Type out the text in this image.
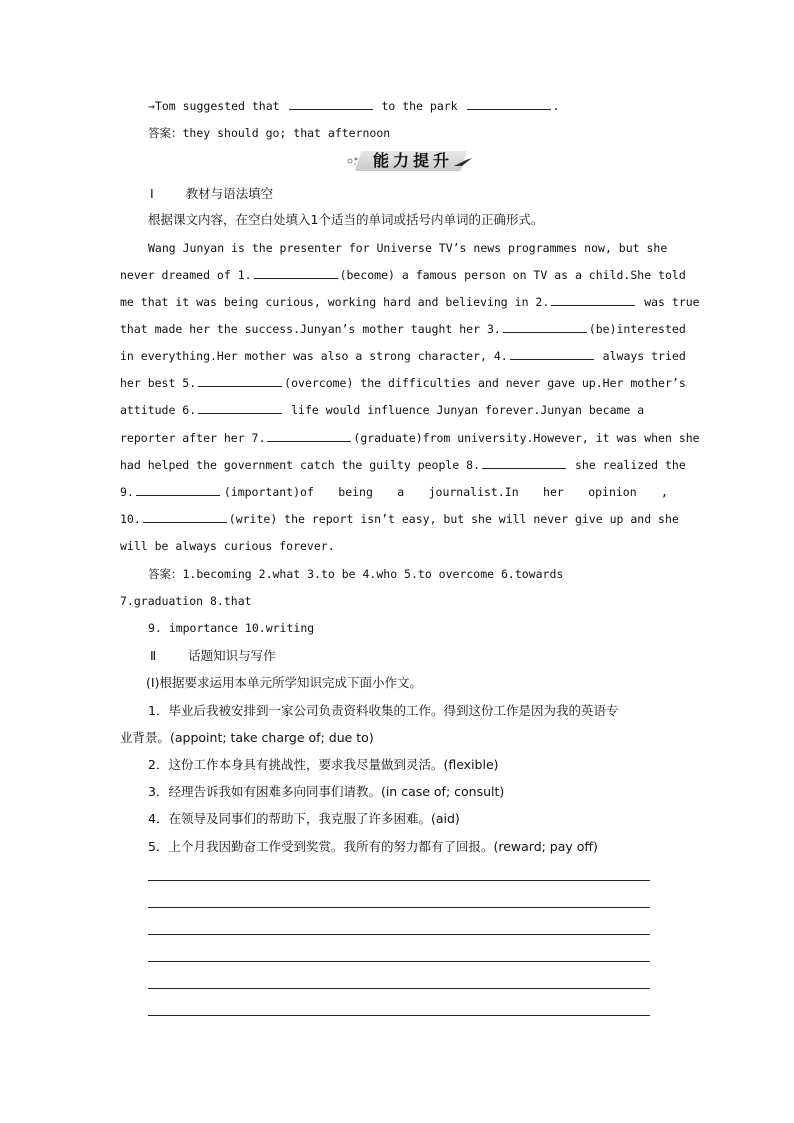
→Tom suggested that	to the park	.
答案：they should go; that afternoon
能力提升
Ⅰ	教材与语法填空
根据课文内容，在空白处填入1个适当的单词或括号内单词的正确形式。
Wang Junyan is the presenter for Universe TV’s news programmes now, but she
never dreamed of 1.	(become) a famous person on TV as a child.She told
me that it was being curious, working hard and believing in 2.	was true
that made her the success.Junyan’s mother taught her 3.	(be)interested
in everything.Her mother was also a strong character, 4.	always tried
her best 5.	(overcome) the difficulties and never gave up.Her mother’s
attitude 6.	life would influence Junyan forever.Junyan became a
reporter after her 7.	(graduate)from university.However, it was when she
had helped the government catch the guilty people 8.	she realized the
9.	(important)of being a journalist.In her opinion ,
10.	(write) the report isn’t easy, but she will never give up and she
will be always curious forever.
答案：1.becoming 2.what 3.to be 4.who 5.to overcome 6.towards
7.graduation 8.that
9. importance 10.writing
Ⅱ	话题知识与写作
(Ⅰ)根据要求运用本单元所学知识完成下面小作文。
1．毕业后我被安排到一家公司负责资料收集的工作。得到这份工作是因为我的英语专
业背景。(appoint; take charge of; due to)
2．这份工作本身具有挑战性，要求我尽量做到灵活。(flexible)
3．经理告诉我如有困难多向同事们请教。(in case of; consult)
4．在领导及同事们的帮助下，我克服了许多困难。(aid)
5．上个月我因勤奋工作受到奖赏。我所有的努力都有了回报。(reward; pay off)
